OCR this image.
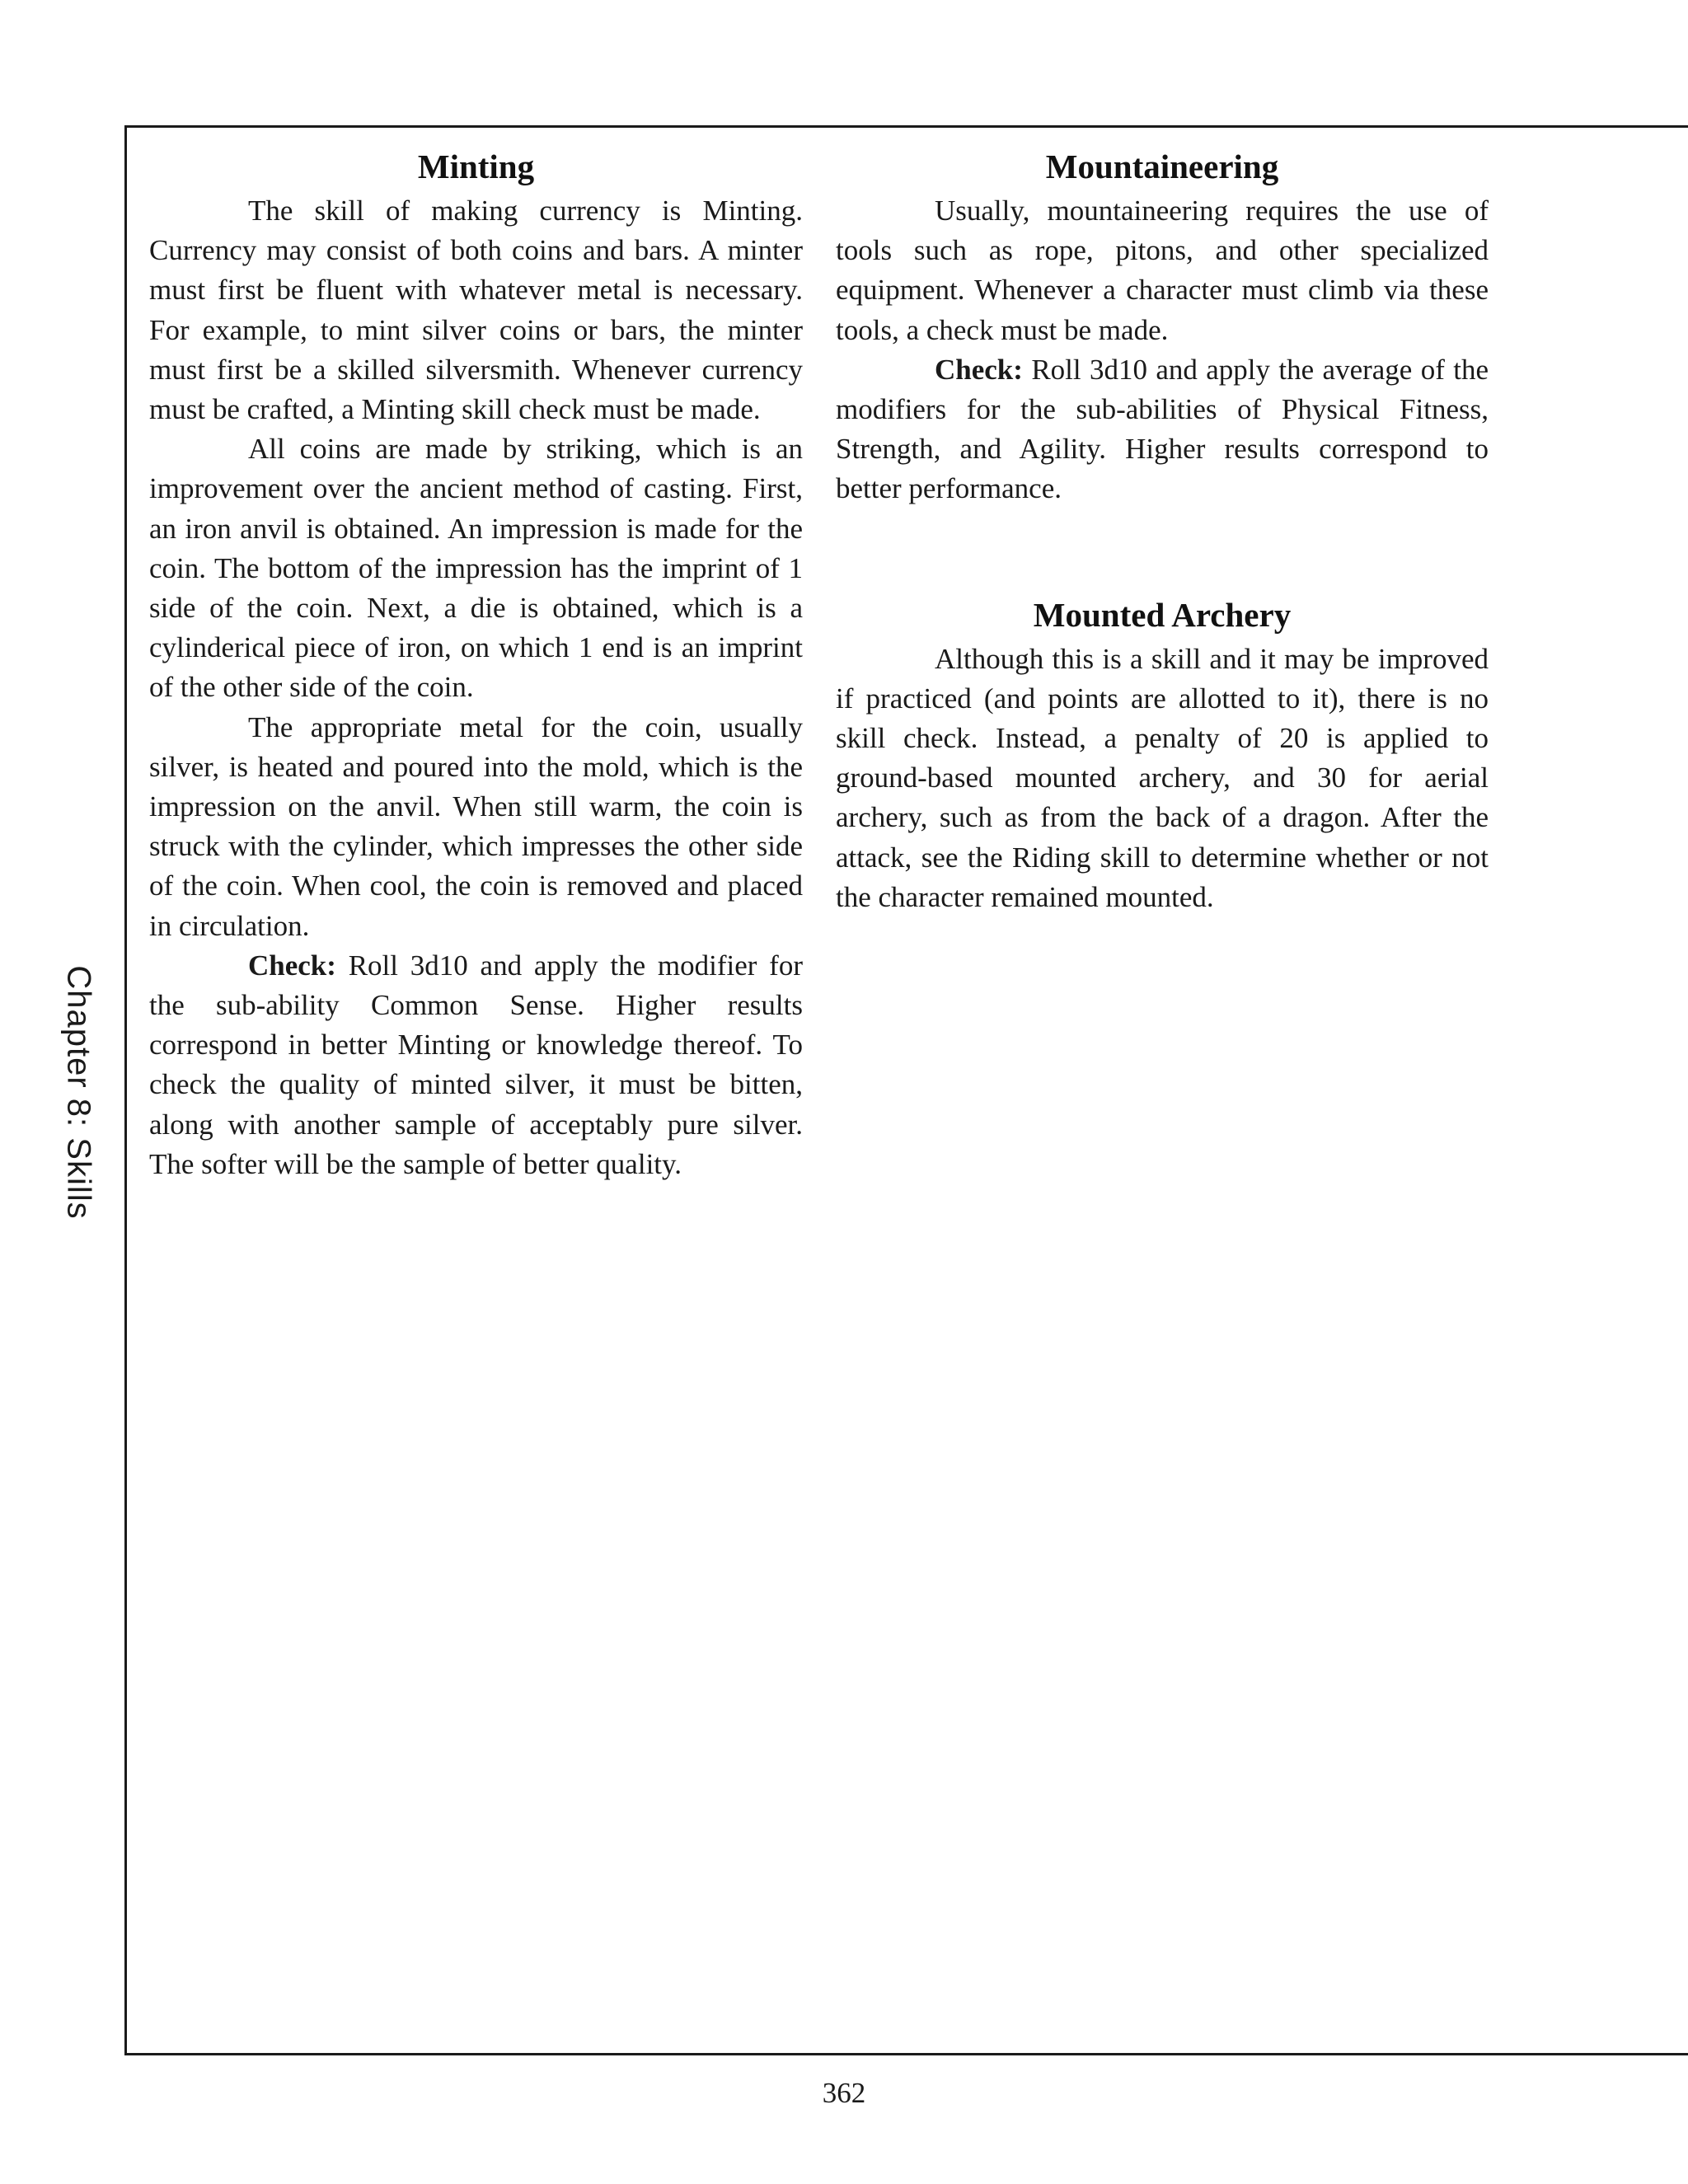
Chapter 8: Skills
Minting

The skill of making currency is Minting. Currency may consist of both coins and bars. A minter must first be fluent with whatever metal is necessary. For example, to mint silver coins or bars, the minter must first be a skilled silversmith. Whenever currency must be crafted, a Minting skill check must be made.

All coins are made by striking, which is an improvement over the ancient method of casting. First, an iron anvil is obtained. An impression is made for the coin. The bottom of the impression has the imprint of 1 side of the coin. Next, a die is obtained, which is a cylinderical piece of iron, on which 1 end is an imprint of the other side of the coin.

The appropriate metal for the coin, usually silver, is heated and poured into the mold, which is the impression on the anvil. When still warm, the coin is struck with the cylinder, which impresses the other side of the coin. When cool, the coin is removed and placed in circulation.

Check: Roll 3d10 and apply the modifier for the sub-ability Common Sense. Higher results correspond in better Minting or knowledge thereof. To check the quality of minted silver, it must be bitten, along with another sample of acceptably pure silver. The softer will be the sample of better quality.

Mountaineering

Usually, mountaineering requires the use of tools such as rope, pitons, and other specialized equipment. Whenever a character must climb via these tools, a check must be made.

Check: Roll 3d10 and apply the average of the modifiers for the sub-abilities of Physical Fitness, Strength, and Agility. Higher results correspond to better performance.

Mounted Archery

Although this is a skill and it may be improved if practiced (and points are allotted to it), there is no skill check. Instead, a penalty of 20 is applied to ground-based mounted archery, and 30 for aerial archery, such as from the back of a dragon. After the attack, see the Riding skill to determine whether or not the character remained mounted.

362
